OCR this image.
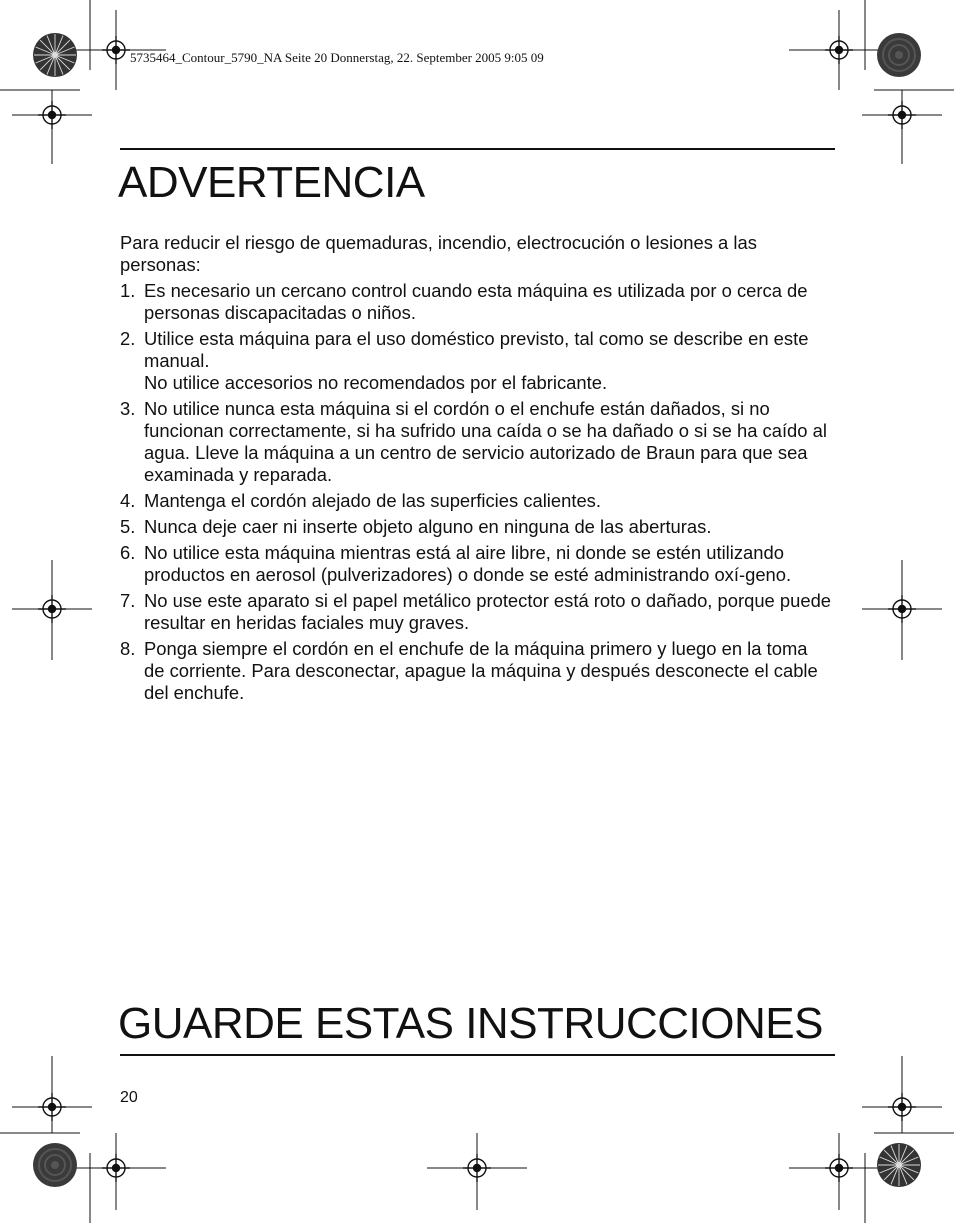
5735464_Contour_5790_NA Seite 20 Donnerstag, 22. September 2005 9:05 09
ADVERTENCIA

Para reducir el riesgo de quemaduras, incendio, electrocución o lesiones a las personas:

1. Es necesario un cercano control cuando esta máquina es utilizada por o cerca de personas discapacitadas o niños.
2. Utilice esta máquina para el uso doméstico previsto, tal como se describe en este manual.
No utilice accesorios no recomendados por el fabricante.
3. No utilice nunca esta máquina si el cordón o el enchufe están dañados, si no funcionan correctamente, si ha sufrido una caída o se ha dañado o si se ha caído al agua. Lleve la máquina a un centro de servicio autorizado de Braun para que sea examinada y reparada.
4. Mantenga el cordón alejado de las superficies calientes.
5. Nunca deje caer ni inserte objeto alguno en ninguna de las aberturas.
6. No utilice esta máquina mientras está al aire libre, ni donde se estén utilizando productos en aerosol (pulverizadores) o donde se esté administrando oxí-geno.
7. No use este aparato si el papel metálico protector está roto o dañado, porque puede resultar en heridas faciales muy graves.
8. Ponga siempre el cordón en el enchufe de la máquina primero y luego en la toma de corriente. Para desconectar, apague la máquina y después desconecte el cable del enchufe.
GUARDE ESTAS INSTRUCCIONES
20
